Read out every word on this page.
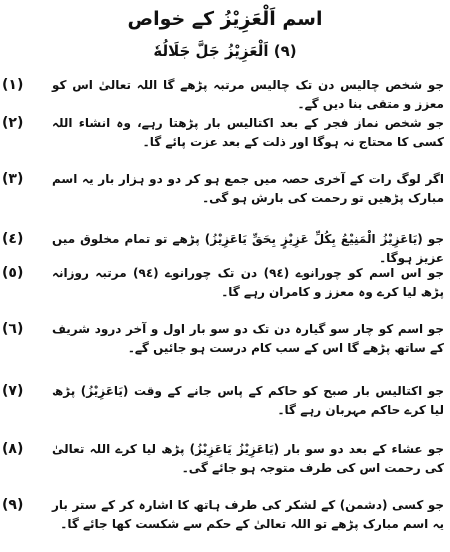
اسم اَلْعَزِیْزُ کے خواص
(٩) اَلْعَزِیْزُ جَلَّ جَلَالُهٗ
(١)	جو شخص چالیس دن تک چالیس مرتبہ پڑھے گا اللہ تعالیٰ اس کو معزز و متقی بنا دیں گے۔
(٢)	جو شخص نماز فجر کے بعد اکتالیس بار پڑھتا رہے، وہ انشاء اللہ کسی کا محتاج نہ ہوگا اور ذلت کے بعد عزت پائے گا۔
(٣)	اگر لوگ رات کے آخری حصہ میں جمع ہو کر دو دو ہزار بار یہ اسم مبارک پڑھیں تو رحمت کی بارش ہو گی۔
(٤)	جو (یَاعَزِیْزُ الْمَنِیْعُ بِکُلِّ عَزِیْزٍ بِحَقِّ یَاعَزِیْزُ) پڑھے تو تمام مخلوق میں عزیز ہوگا۔
(٥)	جو اس اسم کو چورانوے (٩٤) دن تک چورانوے (٩٤) مرتبہ روزانہ پڑھ لیا کرے وہ معزز و کامران رہے گا۔
(٦)	جو اسم کو چار سو گیارہ دن تک دو سو بار اول و آخر درود شریف کے ساتھ پڑھے گا اس کے سب کام درست ہو جائیں گے۔
(٧)	جو اکتالیس بار صبح کو حاکم کے پاس جانے کے وقت (یَاعَزِیْزُ) پڑھ لیا کرے حاکم مہربان رہے گا۔
(٨)	جو عشاء کے بعد دو سو بار (یَاعَزِیْزُ یَاعَزِیْزُ) پڑھ لیا کرے اللہ تعالیٰ کی رحمت اس کی طرف متوجہ ہو جائے گی۔
(٩)	جو کسی (دشمن) کے لشکر کی طرف ہاتھ کا اشارہ کر کے ستر بار یہ اسم مبارک پڑھے تو اللہ تعالیٰ کے حکم سے شکست کھا جائے گا۔
